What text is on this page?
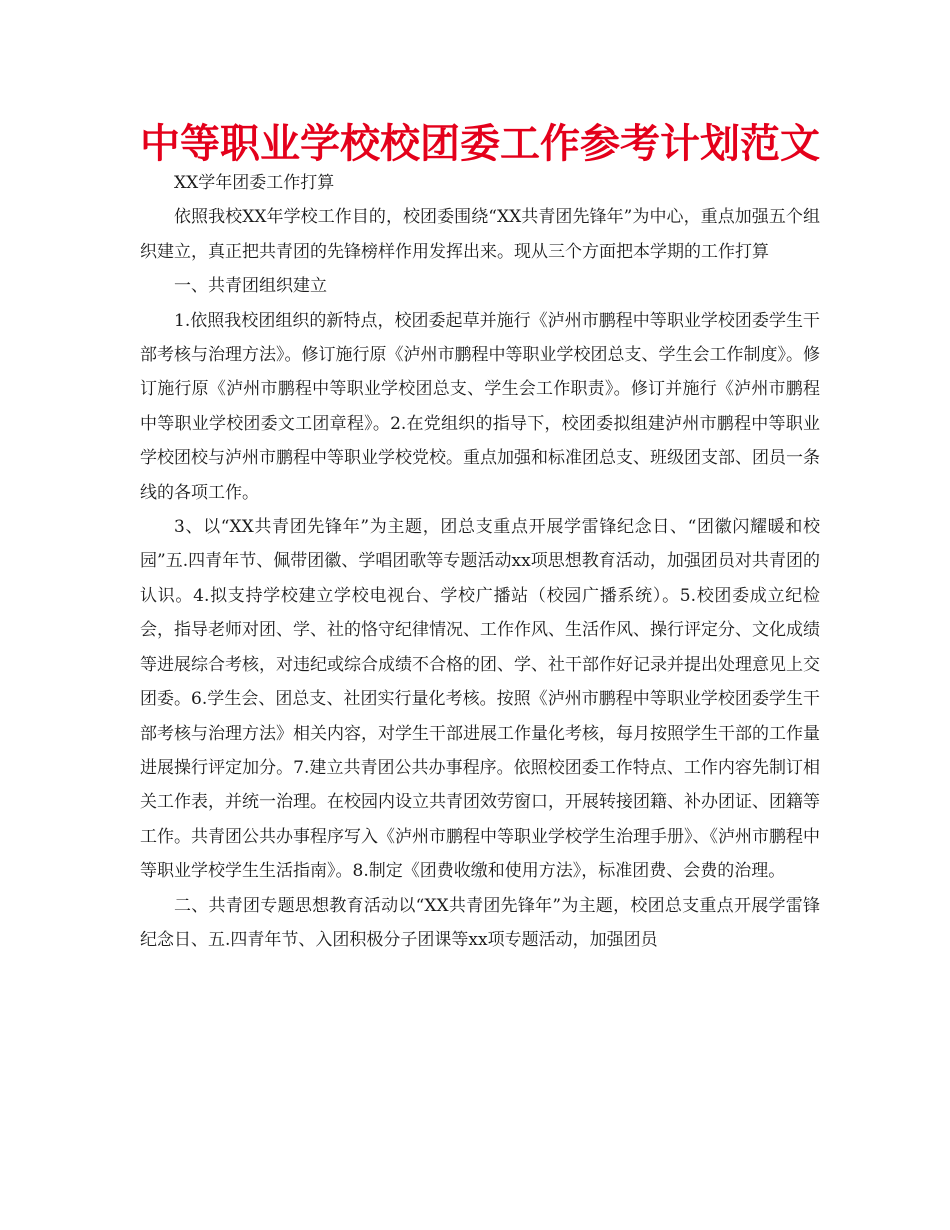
中等职业学校校团委工作参考计划范文

XX学年团委工作打算

依照我校XX年学校工作目的，校团委围绕“XX共青团先锋年”为中心，重点加强五个组织建立，真正把共青团的先锋榜样作用发挥出来。现从三个方面把本学期的工作打算

一、共青团组织建立

1.依照我校团组织的新特点，校团委起草并施行《泸州市鹏程中等职业学校团委学生干部考核与治理方法》。修订施行原《泸州市鹏程中等职业学校团总支、学生会工作制度》。修订施行原《泸州市鹏程中等职业学校团总支、学生会工作职责》。修订并施行《泸州市鹏程中等职业学校团委文工团章程》。2.在党组织的指导下，校团委拟组建泸州市鹏程中等职业学校团校与泸州市鹏程中等职业学校党校。重点加强和标准团总支、班级团支部、团员一条线的各项工作。

3、以“XX共青团先锋年”为主题，团总支重点开展学雷锋纪念日、“团徽闪耀暖和校园”五.四青年节、佩带团徽、学唱团歌等专题活动xx项思想教育活动，加强团员对共青团的认识。4.拟支持学校建立学校电视台、学校广播站（校园广播系统）。5.校团委成立纪检会，指导老师对团、学、社的恪守纪律情况、工作作风、生活作风、操行评定分、文化成绩等进展综合考核，对违纪或综合成绩不合格的团、学、社干部作好记录并提出处理意见上交团委。6.学生会、团总支、社团实行量化考核。按照《泸州市鹏程中等职业学校团委学生干部考核与治理方法》相关内容，对学生干部进展工作量化考核，每月按照学生干部的工作量进展操行评定加分。7.建立共青团公共办事程序。依照校团委工作特点、工作内容先制订相关工作表，并统一治理。在校园内设立共青团效劳窗口，开展转接团籍、补办团证、团籍等工作。共青团公共办事程序写入《泸州市鹏程中等职业学校学生治理手册》、《泸州市鹏程中等职业学校学生生活指南》。8.制定《团费收缴和使用方法》，标准团费、会费的治理。

二、共青团专题思想教育活动以“XX共青团先锋年”为主题，校团总支重点开展学雷锋纪念日、五.四青年节、入团积极分子团课等xx项专题活动，加强团员
